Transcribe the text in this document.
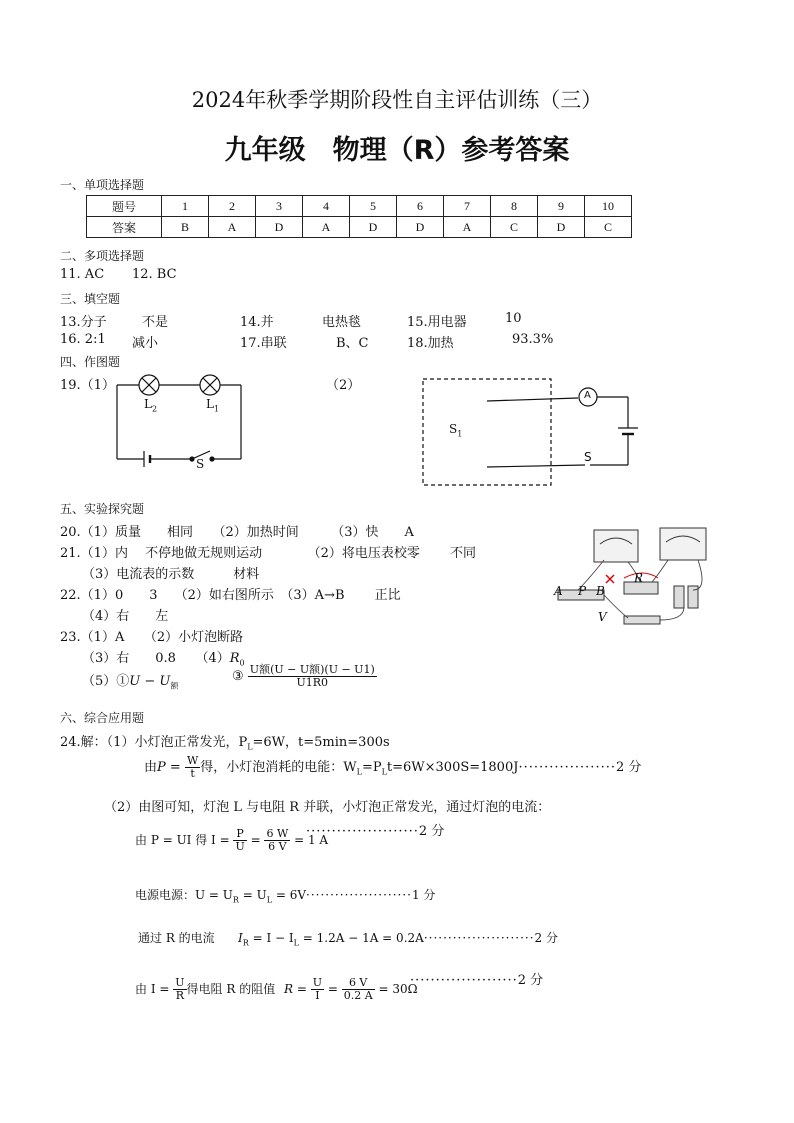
2024年秋季学期阶段性自主评估训练（三）
九年级　物理（R）参考答案
一、单项选择题
题号	1	2	3	4	5	6	7	8	9	10
答案	B	A	D	A	D	D	A	C	D	C
二、多项选择题
11. AC 12. BC
三、填空题
13.分子	不是	14.并	电热毯	15.用电器	10
16. 2:1 减小	17.串联	B、C	18.加热	93.3%
四、作图题
19.（1）	（2）
$L_2$	$L_1$
S
A
$S_1$
S
五、实验探究题
20.（1）质量　　相同　　（2）加热时间　　　（3）快　　A
21.（1）内　 不停地做无规则运动　　　　（2）将电压表校零　　 不同
（3）电流表的示数　　　材料
22.（1）0　　3　 （2）如右图所示　（3）A→B　　 正比
（4）右　　左
23.（1）A　　（2）小灯泡断路
（3）右　　0.8　　$(4)R_0$
（5）①U − $U_额$
③ $\frac{\text{U额(U − U额)(U − U1)}}{U1R0}$
A P B
R
V
六、综合应用题
24.解：（1）小灯泡正常发光，$P_L=6W$，t=5min=300s
由$P = \frac{W}{t}$ 得，小灯泡消耗的电能：$W_L=P_Lt=6W\times 300S=1800J\cdot\cdot\cdot\cdot\cdot\cdot\cdot\cdot\cdot\cdot\cdot\cdot\cdot\cdot\cdot\cdot\cdot\cdot\cdot 2$ 分
（2）由图可知，灯泡 L 与电阻 R 并联，小灯泡正常发光，通过灯泡的电流：
由 P = UI 得 $I = \frac{P}{U} = \frac{6 W}{6 V} = 1$ A
······················2 分
电源电源：$U = U_R = U_L = 6V\cdot\cdot\cdot\cdot\cdot\cdot\cdot\cdot\cdot\cdot\cdot\cdot\cdot\cdot\cdot\cdot\cdot\cdot\cdot\cdot\cdot\cdot 1$ 分
通过 R 的电流 $I_R = I - I_L = 1.2A - 1A = 0.2A\cdot\cdot\cdot\cdot\cdot\cdot\cdot\cdot\cdot\cdot\cdot\cdot\cdot\cdot\cdot\cdot\cdot\cdot\cdot\cdot\cdot\cdot\cdot 2$ 分
由 $I = \frac{U}{R}$ 得电阻 R 的阻值 $R = \frac{U}{I} = \frac{6 V}{0.2 A} = 30\Omega$
·····················2 分
